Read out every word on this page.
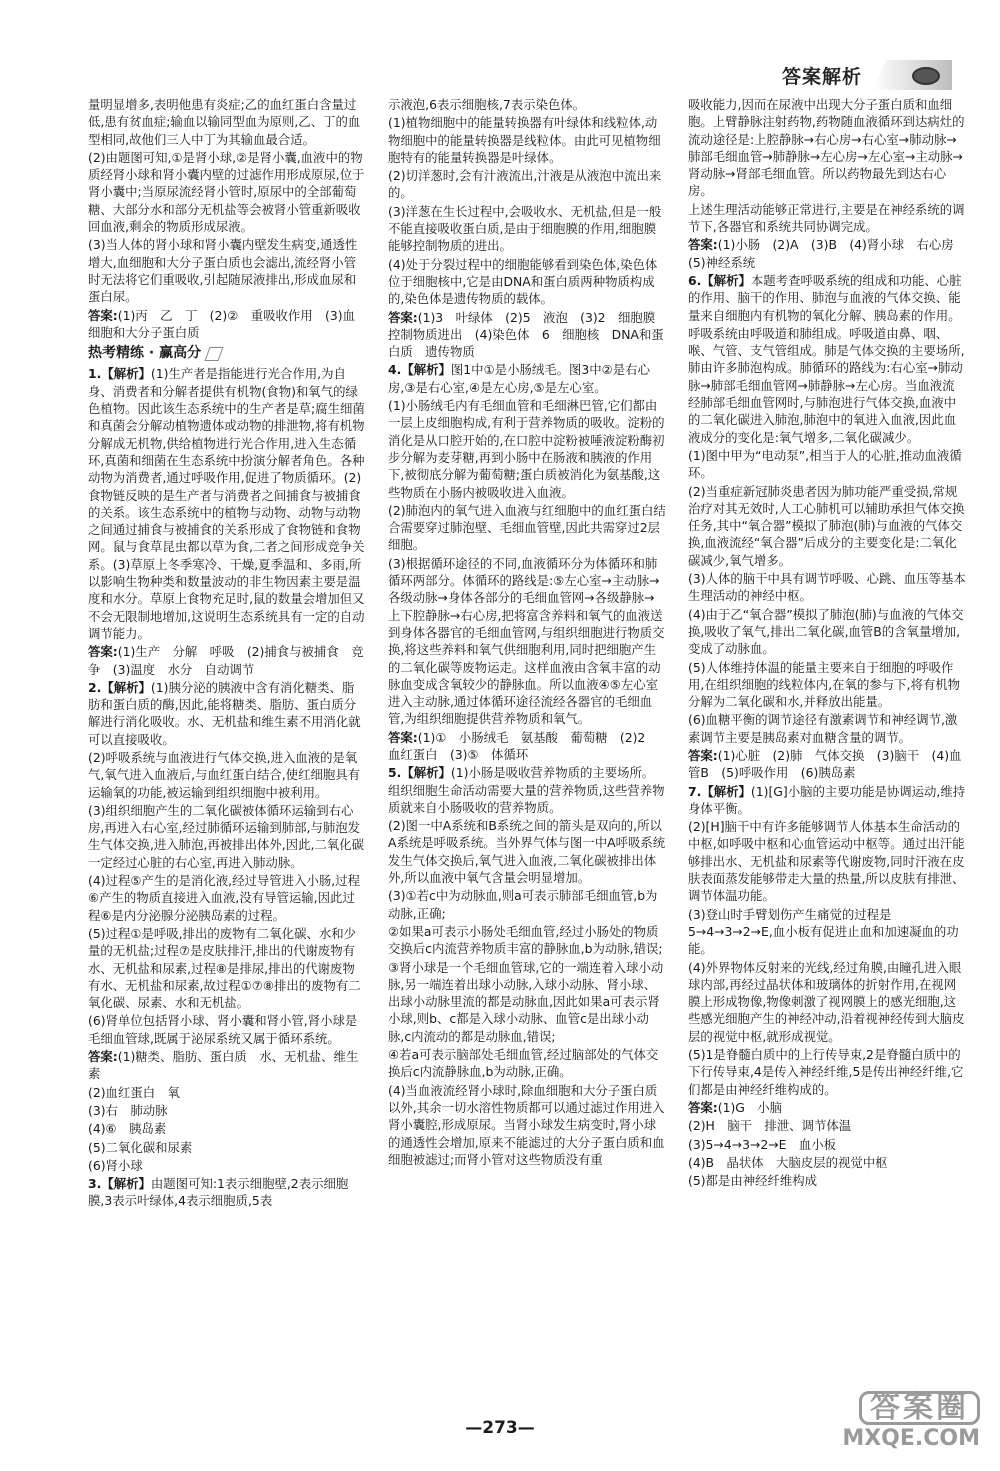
答案解析

量明显增多,表明他患有炎症;乙的血红蛋白含量过低,患有贫血症;输血以输同型血为原则,乙、丁的血型相同,故他们三人中丁为其输血最合适。

(2)由题图可知,①是肾小球,②是肾小囊,血液中的物质经肾小球和肾小囊内壁的过滤作用形成原尿,位于肾小囊中;当原尿流经肾小管时,原尿中的全部葡萄糖、大部分水和部分无机盐等会被肾小管重新吸收回血液,剩余的物质形成尿液。

(3)当人体的肾小球和肾小囊内壁发生病变,通透性增大,血细胞和大分子蛋白质也会滤出,流经肾小管时无法将它们重吸收,引起随尿液排出,形成血尿和蛋白尿。

答案:(1)丙　乙　丁　(2)②　重吸收作用　(3)血细胞和大分子蛋白质

热考精练 · 赢高分

1.【解析】(1)生产者是指能进行光合作用,为自身、消费者和分解者提供有机物(食物)和氧气的绿色植物。因此该生态系统中的生产者是草;腐生细菌和真菌会分解动植物遗体或动物的排泄物,将有机物分解成无机物,供给植物进行光合作用,进入生态循环,真菌和细菌在生态系统中扮演分解者角色。各种动物为消费者,通过呼吸作用,促进了物质循环。(2)食物链反映的是生产者与消费者之间捕食与被捕食的关系。该生态系统中的植物与动物、动物与动物之间通过捕食与被捕食的关系形成了食物链和食物网。鼠与食草昆虫都以草为食,二者之间形成竞争关系。(3)草原上冬季寒冷、干燥,夏季温和、多雨,所以影响生物种类和数量波动的非生物因素主要是温度和水分。草原上食物充足时,鼠的数量会增加但又不会无限制地增加,这说明生态系统具有一定的自动调节能力。

答案:(1)生产　分解　呼吸　(2)捕食与被捕食　竞争　(3)温度　水分　自动调节

2.【解析】(1)胰分泌的胰液中含有消化糖类、脂肪和蛋白质的酶,因此,能将糖类、脂肪、蛋白质分解进行消化吸收。水、无机盐和维生素不用消化就可以直接吸收。

(2)呼吸系统与血液进行气体交换,进入血液的是氧气,氧气进入血液后,与血红蛋白结合,使红细胞具有运输氧的功能,被运输到组织细胞中被利用。

(3)组织细胞产生的二氧化碳被体循环运输到右心房,再进入右心室,经过肺循环运输到肺部,与肺泡发生气体交换,进入肺泡,再被排出体外,因此,二氧化碳一定经过心脏的右心室,再进入肺动脉。

(4)过程⑤产生的是消化液,经过导管进入小肠,过程⑥产生的物质直接进入血液,没有导管运输,因此过程⑥是内分泌腺分泌胰岛素的过程。

(5)过程①是呼吸,排出的废物有二氧化碳、水和少量的无机盐;过程⑦是皮肤排汗,排出的代谢废物有水、无机盐和尿素,过程⑧是排尿,排出的代谢废物有水、无机盐和尿素,故过程①⑦⑧排出的废物有二氧化碳、尿素、水和无机盐。

(6)肾单位包括肾小球、肾小囊和肾小管,肾小球是毛细血管球,既属于泌尿系统又属于循环系统。

答案:(1)糖类、脂肪、蛋白质　水、无机盐、维生素

(2)血红蛋白　氧

(3)右　肺动脉

(4)⑥　胰岛素

(5)二氧化碳和尿素

(6)肾小球

3.【解析】由题图可知:1表示细胞壁,2表示细胞膜,3表示叶绿体,4表示细胞质,5表

示液泡,6表示细胞核,7表示染色体。

(1)植物细胞中的能量转换器有叶绿体和线粒体,动物细胞中的能量转换器是线粒体。由此可见植物细胞特有的能量转换器是叶绿体。

(2)切洋葱时,会有汁液流出,汁液是从液泡中流出来的。

(3)洋葱在生长过程中,会吸收水、无机盐,但是一般不能直接吸收蛋白质,是由于细胞膜的作用,细胞膜能够控制物质的进出。

(4)处于分裂过程中的细胞能够看到染色体,染色体位于细胞核中,它是由DNA和蛋白质两种物质构成的,染色体是遗传物质的载体。

答案:(1)3　叶绿体　(2)5　液泡　(3)2　细胞膜　控制物质进出　(4)染色体　6　细胞核　DNA和蛋白质　遗传物质

4.【解析】图1中①是小肠绒毛。图3中②是右心房,③是右心室,④是左心房,⑤是左心室。

(1)小肠绒毛内有毛细血管和毛细淋巴管,它们都由一层上皮细胞构成,有利于营养物质的吸收。淀粉的消化是从口腔开始的,在口腔中淀粉被唾液淀粉酶初步分解为麦芽糖,再到小肠中在肠液和胰液的作用下,被彻底分解为葡萄糖;蛋白质被消化为氨基酸,这些物质在小肠内被吸收进入血液。

(2)肺泡内的氧气进入血液与红细胞中的血红蛋白结合需要穿过肺泡壁、毛细血管壁,因此共需穿过2层细胞。

(3)根据循环途径的不同,血液循环分为体循环和肺循环两部分。体循环的路线是:⑤左心室→主动脉→各级动脉→身体各部分的毛细血管网→各级静脉→上下腔静脉→右心房,把将富含养料和氧气的血液送到身体各器官的毛细血管网,与组织细胞进行物质交换,将这些养料和氧气供细胞利用,同时把细胞产生的二氧化碳等废物运走。这样血液由含氧丰富的动脉血变成含氧较少的静脉血。所以血液④⑤左心室进入主动脉,通过体循环途径流经各器官的毛细血管,为组织细胞提供营养物质和氧气。

答案:(1)①　小肠绒毛　氨基酸　葡萄糖　(2)2　血红蛋白　(3)⑤　体循环

5.【解析】(1)小肠是吸收营养物质的主要场所。组织细胞生命活动需要大量的营养物质,这些营养物质就来自小肠吸收的营养物质。

(2)图一中A系统和B系统之间的箭头是双向的,所以A系统是呼吸系统。当外界气体与图一中A呼吸系统发生气体交换后,氧气进入血液,二氧化碳被排出体外,所以血液中氧气含量会明显增加。

(3)①若c中为动脉血,则a可表示肺部毛细血管,b为动脉,正确;

②如果a可表示小肠处毛细血管,经过小肠处的物质交换后c内流营养物质丰富的静脉血,b为动脉,错误;

③肾小球是一个毛细血管球,它的一端连着入球小动脉,另一端连着出球小动脉,入球小动脉、肾小球、出球小动脉里流的都是动脉血,因此如果a可表示肾小球,则b、c都是入球小动脉、血管c是出球小动脉,c内流动的都是动脉血,错误;

④若a可表示脑部处毛细血管,经过脑部处的气体交换后c内流静脉血,b为动脉,正确。

(4)当血液流经肾小球时,除血细胞和大分子蛋白质以外,其余一切水溶性物质都可以通过滤过作用进入肾小囊腔,形成原尿。当肾小球发生病变时,肾小球的通透性会增加,原来不能滤过的大分子蛋白质和血细胞被滤过;而肾小管对这些物质没有重

吸收能力,因而在尿液中出现大分子蛋白质和血细胞。上臂静脉注射药物,药物随血液循环到达病灶的流动途径是:上腔静脉→右心房→右心室→肺动脉→肺部毛细血管→肺静脉→左心房→左心室→主动脉→肾动脉→肾部毛细血管。所以药物最先到达右心房。

上述生理活动能够正常进行,主要是在神经系统的调节下,各器官和系统共同协调完成。

答案:(1)小肠　(2)A　(3)B　(4)肾小球　右心房　(5)神经系统

6.【解析】本题考查呼吸系统的组成和功能、心脏的作用、脑干的作用、肺泡与血液的气体交换、能量来自细胞内有机物的氧化分解、胰岛素的作用。

呼吸系统由呼吸道和肺组成。呼吸道由鼻、咽、喉、气管、支气管组成。肺是气体交换的主要场所,肺由许多肺泡构成。肺循环的路线为:右心室→肺动脉→肺部毛细血管网→肺静脉→左心房。当血液流经肺部毛细血管网时,与肺泡进行气体交换,血液中的二氧化碳进入肺泡,肺泡中的氧进入血液,因此血液成分的变化是:氧气增多,二氧化碳减少。

(1)图中甲为“电动泵”,相当于人的心脏,推动血液循环。

(2)当重症新冠肺炎患者因为肺功能严重受损,常规治疗对其无效时,人工心肺机可以辅助承担气体交换任务,其中“氧合器”模拟了肺泡(肺)与血液的气体交换,血液流经“氧合器”后成分的主要变化是:二氧化碳减少,氧气增多。

(3)人体的脑干中具有调节呼吸、心跳、血压等基本生理活动的神经中枢。

(4)由于乙“氧合器”模拟了肺泡(肺)与血液的气体交换,吸收了氧气,排出二氧化碳,血管B的含氧量增加,变成了动脉血。

(5)人体维持体温的能量主要来自于细胞的呼吸作用,在组织细胞的线粒体内,在氧的参与下,将有机物分解为二氧化碳和水,并释放出能量。

(6)血糖平衡的调节途径有激素调节和神经调节,激素调节主要是胰岛素对血糖含量的调节。

答案:(1)心脏　(2)肺　气体交换　(3)脑干　(4)血管B　(5)呼吸作用　(6)胰岛素

7.【解析】(1)[G]小脑的主要功能是协调运动,维持身体平衡。

(2)[H]脑干中有许多能够调节人体基本生命活动的中枢,如呼吸中枢和心血管运动中枢等。通过出汗能够排出水、无机盐和尿素等代谢废物,同时汗液在皮肤表面蒸发能够带走大量的热量,所以皮肤有排泄、调节体温功能。

(3)登山时手臂划伤产生痛觉的过程是5→4→3→2→E,血小板有促进止血和加速凝血的功能。

(4)外界物体反射来的光线,经过角膜,由瞳孔进入眼球内部,再经过晶状体和玻璃体的折射作用,在视网膜上形成物像,物像刺激了视网膜上的感光细胞,这些感光细胞产生的神经冲动,沿着视神经传到大脑皮层的视觉中枢,就形成视觉。

(5)1是脊髓白质中的上行传导束,2是脊髓白质中的下行传导束,4是传入神经纤维,5是传出神经纤维,它们都是由神经纤维构成的。

答案:(1)G　小脑

(2)H　脑干　排泄、调节体温

(3)5→4→3→2→E　血小板

(4)B　晶状体　大脑皮层的视觉中枢

(5)都是由神经纤维构成

—273—
答案圈
MXQE.COM
